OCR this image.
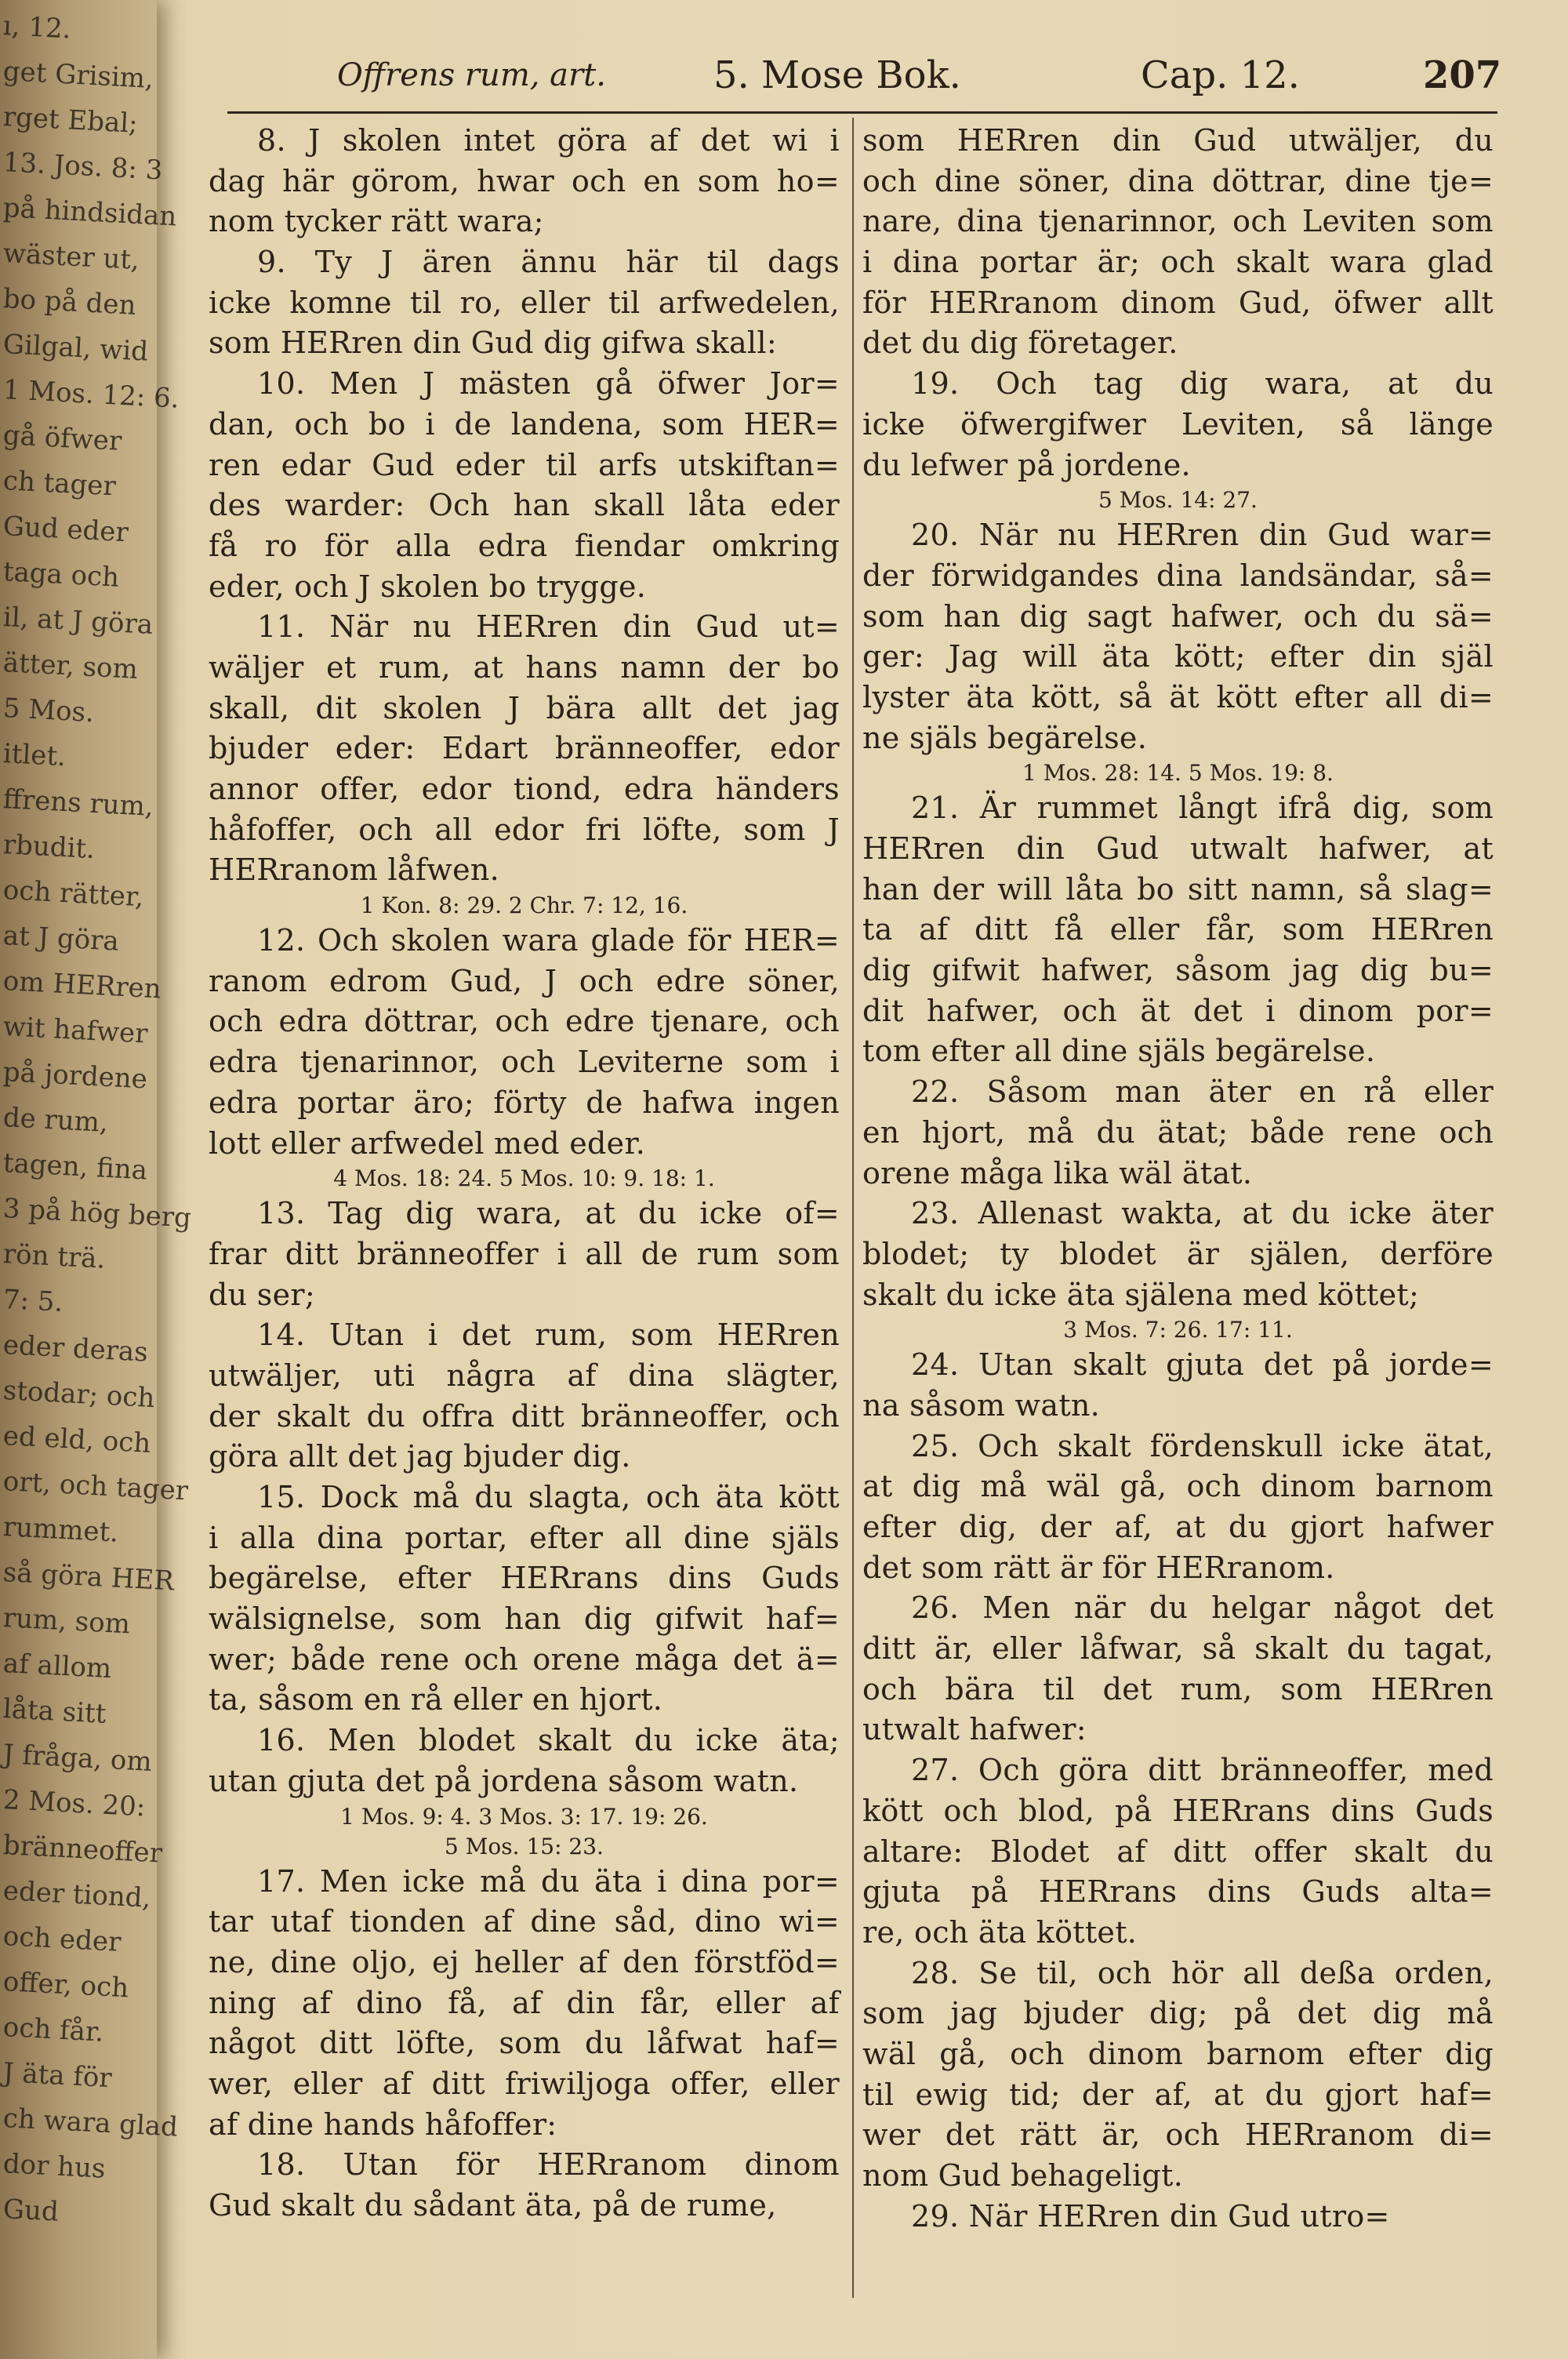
ı, 12.
get Grisim,
rget Ebal;
13. Jos. 8: 3
på hindsidan
wäster ut,
bo på den
Gilgal, wid
1 Mos. 12: 6.
gå öfwer
ch tager
Gud eder
taga och
il, at J göra
ätter, som
5 Mos.
itlet.
ffrens rum,
rbudit.
och rätter,
at J göra
om HERren
wit hafwer
på jordene
de rum,
tagen, fina
3 på hög berg
rön trä.
7: 5.
eder deras
stodar; och
ed eld, och
ort, och tager
rummet.
så göra HER
rum, som
af allom
låta sitt
J fråga, om
2 Mos. 20:
bränneoffer
eder tiond,
och eder
offer, och
och får.
J äta för
ch wara glad
dor hus
Gud
Offrens rum, art.	5. Mose Bok.	Cap. 12.	207
8. J skolen intet göra af det wi i
dag här görom, hwar och en som ho=
nom tycker rätt wara;
9. Ty J ären ännu här til dags
icke komne til ro, eller til arfwedelen,
som HERren din Gud dig gifwa skall:
10. Men J mästen gå öfwer Jor=
dan, och bo i de landena, som HER=
ren edar Gud eder til arfs utskiftan=
des warder: Och han skall låta eder
få ro för alla edra fiendar omkring
eder, och J skolen bo trygge.
11. När nu HERren din Gud ut=
wäljer et rum, at hans namn der bo
skall, dit skolen J bära allt det jag
bjuder eder: Edart bränneoffer, edor
annor offer, edor tiond, edra händers
håfoffer, och all edor fri löfte, som J
HERranom låfwen.
1 Kon. 8: 29. 2 Chr. 7: 12, 16.
12. Och skolen wara glade för HER=
ranom edrom Gud, J och edre söner,
och edra döttrar, och edre tjenare, och
edra tjenarinnor, och Leviterne som i
edra portar äro; förty de hafwa ingen
lott eller arfwedel med eder.
4 Mos. 18: 24. 5 Mos. 10: 9. 18: 1.
13. Tag dig wara, at du icke of=
frar ditt bränneoffer i all de rum som
du ser;
14. Utan i det rum, som HERren
utwäljer, uti några af dina slägter,
der skalt du offra ditt bränneoffer, och
göra allt det jag bjuder dig.
15. Dock må du slagta, och äta kött
i alla dina portar, efter all dine själs
begärelse, efter HERrans dins Guds
wälsignelse, som han dig gifwit haf=
wer; både rene och orene måga det ä=
ta, såsom en rå eller en hjort.
16. Men blodet skalt du icke äta;
utan gjuta det på jordena såsom watn.
1 Mos. 9: 4. 3 Mos. 3: 17. 19: 26.
5 Mos. 15: 23.
17. Men icke må du äta i dina por=
tar utaf tionden af dine såd, dino wi=
ne, dine oljo, ej heller af den förstföd=
ning af dino få, af din får, eller af
något ditt löfte, som du låfwat haf=
wer, eller af ditt friwiljoga offer, eller
af dine hands håfoffer:
18. Utan för HERranom dinom
Gud skalt du sådant äta, på de rume,
som HERren din Gud utwäljer, du
och dine söner, dina döttrar, dine tje=
nare, dina tjenarinnor, och Leviten som
i dina portar är; och skalt wara glad
för HERranom dinom Gud, öfwer allt
det du dig företager.
19. Och tag dig wara, at du
icke öfwergifwer Leviten, så länge
du lefwer på jordene.
5 Mos. 14: 27.
20. När nu HERren din Gud war=
der förwidgandes dina landsändar, så=
som han dig sagt hafwer, och du sä=
ger: Jag will äta kött; efter din själ
lyster äta kött, så ät kött efter all di=
ne själs begärelse.
1 Mos. 28: 14. 5 Mos. 19: 8.
21. Är rummet långt ifrå dig, som
HERren din Gud utwalt hafwer, at
han der will låta bo sitt namn, så slag=
ta af ditt få eller får, som HERren
dig gifwit hafwer, såsom jag dig bu=
dit hafwer, och ät det i dinom por=
tom efter all dine själs begärelse.
22. Såsom man äter en rå eller
en hjort, må du ätat; både rene och
orene måga lika wäl ätat.
23. Allenast wakta, at du icke äter
blodet; ty blodet är själen, derföre
skalt du icke äta själena med köttet;
3 Mos. 7: 26. 17: 11.
24. Utan skalt gjuta det på jorde=
na såsom watn.
25. Och skalt fördenskull icke ätat,
at dig må wäl gå, och dinom barnom
efter dig, der af, at du gjort hafwer
det som rätt är för HERranom.
26. Men när du helgar något det
ditt är, eller låfwar, så skalt du tagat,
och bära til det rum, som HERren
utwalt hafwer:
27. Och göra ditt bränneoffer, med
kött och blod, på HERrans dins Guds
altare: Blodet af ditt offer skalt du
gjuta på HERrans dins Guds alta=
re, och äta köttet.
28. Se til, och hör all deßa orden,
som jag bjuder dig; på det dig må
wäl gå, och dinom barnom efter dig
til ewig tid; der af, at du gjort haf=
wer det rätt är, och HERranom di=
nom Gud behageligt.
29. När HERren din Gud utro=
